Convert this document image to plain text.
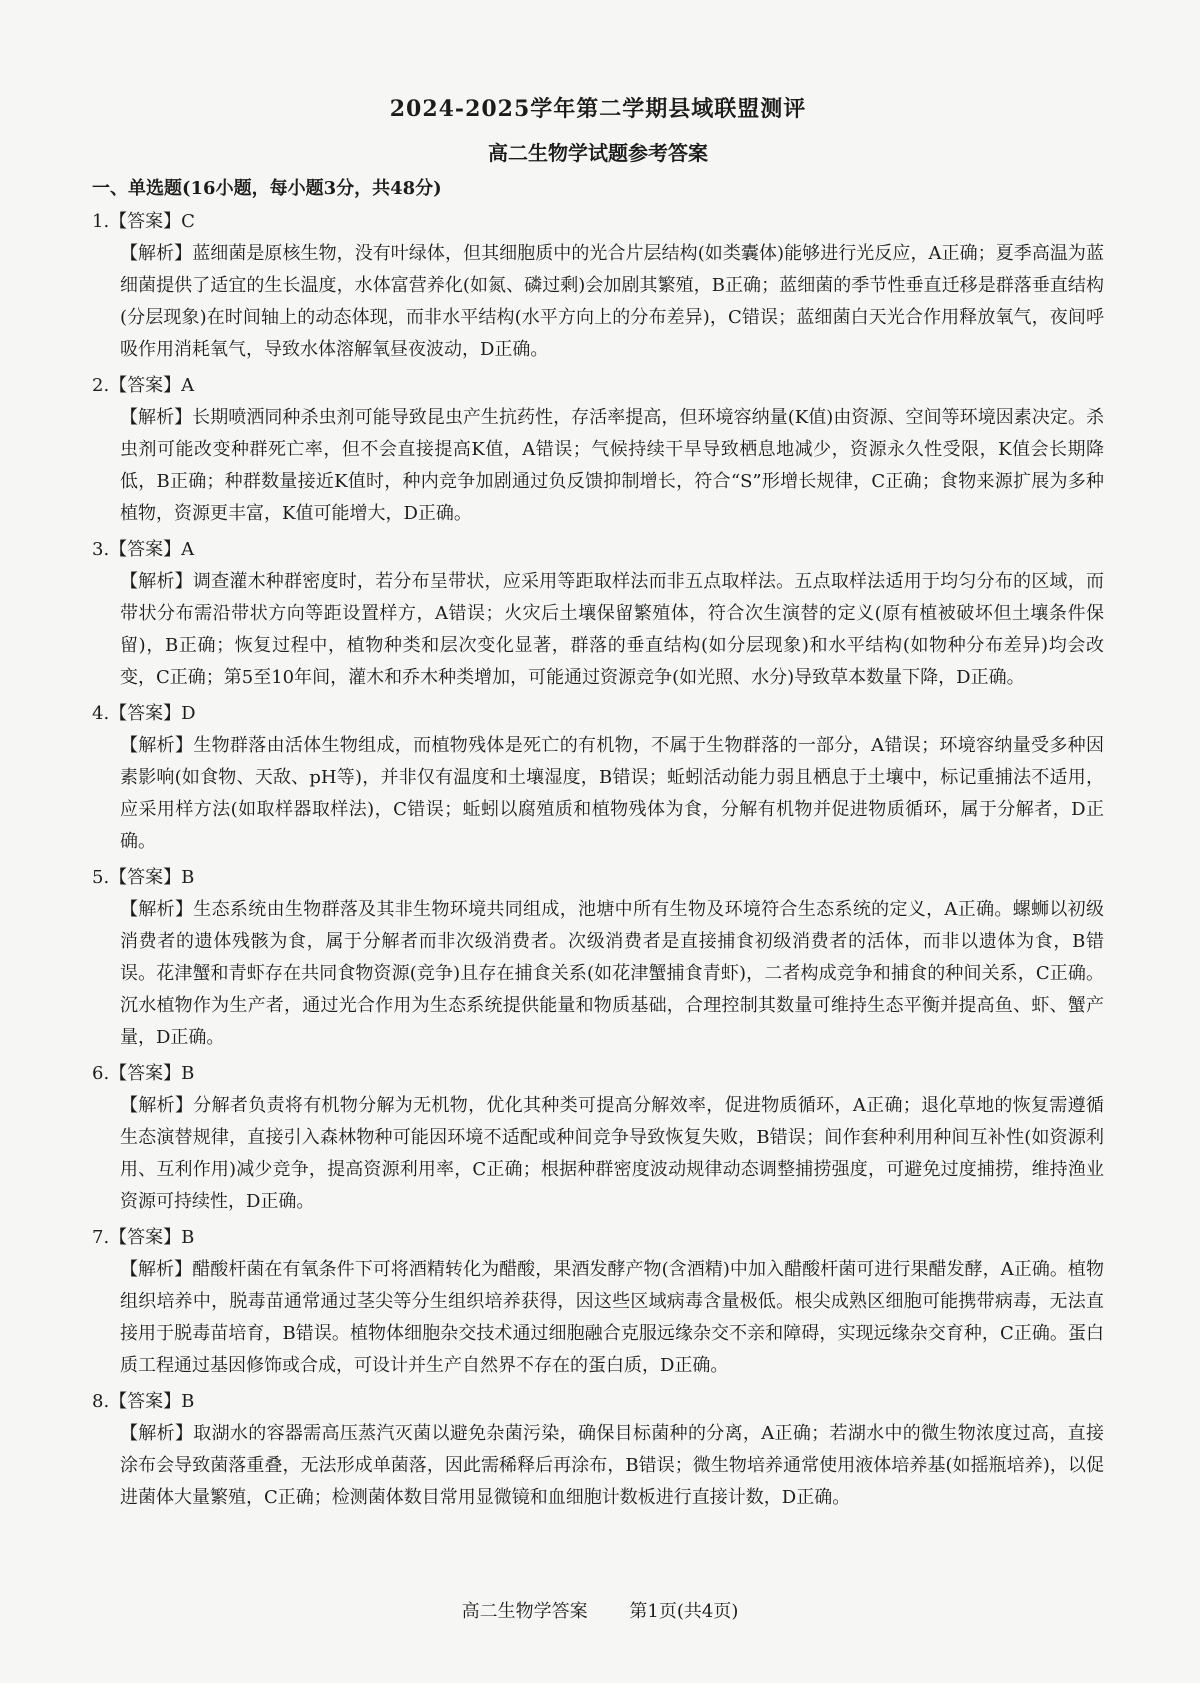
2024-2025学年第二学期县域联盟测评
高二生物学试题参考答案
一、单选题(16小题，每小题3分，共48分)
1.【答案】C
【解析】蓝细菌是原核生物，没有叶绿体，但其细胞质中的光合片层结构(如类囊体)能够进行光反应，A正确；夏季高温为蓝细菌提供了适宜的生长温度，水体富营养化(如氮、磷过剩)会加剧其繁殖，B正确；蓝细菌的季节性垂直迁移是群落垂直结构(分层现象)在时间轴上的动态体现，而非水平结构(水平方向上的分布差异)，C错误；蓝细菌白天光合作用释放氧气，夜间呼吸作用消耗氧气，导致水体溶解氧昼夜波动，D正确。
2.【答案】A
【解析】长期喷洒同种杀虫剂可能导致昆虫产生抗药性，存活率提高，但环境容纳量(K值)由资源、空间等环境因素决定。杀虫剂可能改变种群死亡率，但不会直接提高K值，A错误；气候持续干旱导致栖息地减少，资源永久性受限，K值会长期降低，B正确；种群数量接近K值时，种内竞争加剧通过负反馈抑制增长，符合“S”形增长规律，C正确；食物来源扩展为多种植物，资源更丰富，K值可能增大，D正确。
3.【答案】A
【解析】调查灌木种群密度时，若分布呈带状，应采用等距取样法而非五点取样法。五点取样法适用于均匀分布的区域，而带状分布需沿带状方向等距设置样方，A错误；火灾后土壤保留繁殖体，符合次生演替的定义(原有植被破坏但土壤条件保留)，B正确；恢复过程中，植物种类和层次变化显著，群落的垂直结构(如分层现象)和水平结构(如物种分布差异)均会改变，C正确；第5至10年间，灌木和乔木种类增加，可能通过资源竞争(如光照、水分)导致草本数量下降，D正确。
4.【答案】D
【解析】生物群落由活体生物组成，而植物残体是死亡的有机物，不属于生物群落的一部分，A错误；环境容纳量受多种因素影响(如食物、天敌、pH等)，并非仅有温度和土壤湿度，B错误；蚯蚓活动能力弱且栖息于土壤中，标记重捕法不适用，应采用样方法(如取样器取样法)，C错误；蚯蚓以腐殖质和植物残体为食，分解有机物并促进物质循环，属于分解者，D正确。
5.【答案】B
【解析】生态系统由生物群落及其非生物环境共同组成，池塘中所有生物及环境符合生态系统的定义，A正确。螺蛳以初级消费者的遗体残骸为食，属于分解者而非次级消费者。次级消费者是直接捕食初级消费者的活体，而非以遗体为食，B错误。花津蟹和青虾存在共同食物资源(竞争)且存在捕食关系(如花津蟹捕食青虾)，二者构成竞争和捕食的种间关系，C正确。沉水植物作为生产者，通过光合作用为生态系统提供能量和物质基础，合理控制其数量可维持生态平衡并提高鱼、虾、蟹产量，D正确。
6.【答案】B
【解析】分解者负责将有机物分解为无机物，优化其种类可提高分解效率，促进物质循环，A正确；退化草地的恢复需遵循生态演替规律，直接引入森林物种可能因环境不适配或种间竞争导致恢复失败，B错误；间作套种利用种间互补性(如资源利用、互利作用)减少竞争，提高资源利用率，C正确；根据种群密度波动规律动态调整捕捞强度，可避免过度捕捞，维持渔业资源可持续性，D正确。
7.【答案】B
【解析】醋酸杆菌在有氧条件下可将酒精转化为醋酸，果酒发酵产物(含酒精)中加入醋酸杆菌可进行果醋发酵，A正确。植物组织培养中，脱毒苗通常通过茎尖等分生组织培养获得，因这些区域病毒含量极低。根尖成熟区细胞可能携带病毒，无法直接用于脱毒苗培育，B错误。植物体细胞杂交技术通过细胞融合克服远缘杂交不亲和障碍，实现远缘杂交育种，C正确。蛋白质工程通过基因修饰或合成，可设计并生产自然界不存在的蛋白质，D正确。
8.【答案】B
【解析】取湖水的容器需高压蒸汽灭菌以避免杂菌污染，确保目标菌种的分离，A正确；若湖水中的微生物浓度过高，直接涂布会导致菌落重叠，无法形成单菌落，因此需稀释后再涂布，B错误；微生物培养通常使用液体培养基(如摇瓶培养)，以促进菌体大量繁殖，C正确；检测菌体数目常用显微镜和血细胞计数板进行直接计数，D正确。
高二生物学答案 第1页(共4页)
